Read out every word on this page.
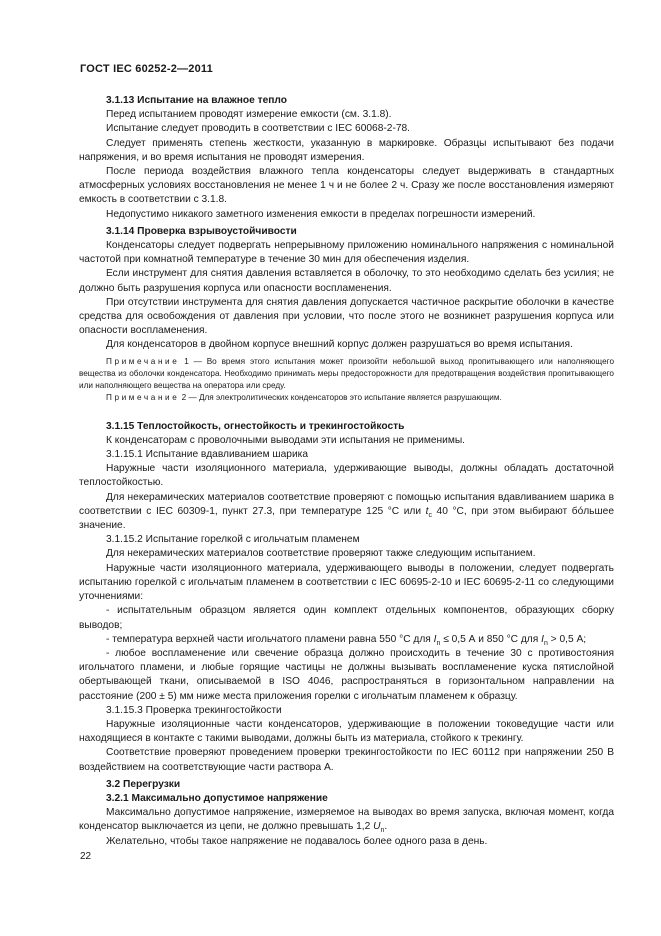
ГОСТ IEC 60252-2—2011

3.1.13 Испытание на влажное тепло

Перед испытанием проводят измерение емкости (см. 3.1.8).

Испытание следует проводить в соответствии с IEC 60068-2-78.

Следует применять степень жесткости, указанную в маркировке. Образцы испытывают без подачи напряжения, и во время испытания не проводят измерения.

После периода воздействия влажного тепла конденсаторы следует выдерживать в стандартных атмосферных условиях восстановления не менее 1 ч и не более 2 ч. Сразу же после восстановления измеряют емкость в соответствии с 3.1.8.

Недопустимо никакого заметного изменения емкости в пределах погрешности измерений.

3.1.14 Проверка взрывоустойчивости

Конденсаторы следует подвергать непрерывному приложению номинального напряжения с номинальной частотой при комнатной температуре в течение 30 мин для обеспечения изделия.

Если инструмент для снятия давления вставляется в оболочку, то это необходимо сделать без усилия; не должно быть разрушения корпуса или опасности воспламенения.

При отсутствии инструмента для снятия давления допускается частичное раскрытие оболочки в качестве средства для освобождения от давления при условии, что после этого не возникнет разрушения корпуса или опасности воспламенения.

Для конденсаторов в двойном корпусе внешний корпус должен разрушаться во время испытания.

Примечание 1 — Во время этого испытания может произойти небольшой выход пропитывающего или наполняющего вещества из оболочки конденсатора. Необходимо принимать меры предосторожности для предотвращения воздействия пропитывающего или наполняющего вещества на оператора или среду.

Примечание 2 — Для электролитических конденсаторов это испытание является разрушающим.

3.1.15 Теплостойкость, огнестойкость и трекингостойкость

К конденсаторам с проволочными выводами эти испытания не применимы.

3.1.15.1 Испытание вдавливанием шарика

Наружные части изоляционного материала, удерживающие выводы, должны обладать достаточной теплостойкостью.

Для некерамических материалов соответствие проверяют с помощью испытания вдавливанием шарика в соответствии с IEC 60309-1, пункт 27.3, при температуре 125 °С или $t_c$ 40 °С, при этом выбирают бóльшее значение.

3.1.15.2 Испытание горелкой с игольчатым пламенем

Для некерамических материалов соответствие проверяют также следующим испытанием.

Наружные части изоляционного материала, удерживающего выводы в положении, следует подвергать испытанию горелкой с игольчатым пламенем в соответствии с IEC 60695-2-10 и IEC 60695-2-11 со следующими уточнениями:

- испытательным образцом является один комплект отдельных компонентов, образующих сборку выводов;

- температура верхней части игольчатого пламени равна 550 °С для $I_n \le 0,5$ А и 850 °С для $I_n > 0,5$ А;

- любое воспламенение или свечение образца должно происходить в течение 30 с противостояния игольчатого пламени, и любые горящие частицы не должны вызывать воспламенение куска пятислойной обертывающей ткани, описываемой в ISO 4046, распространяться в горизонтальном направлении на расстояние (200 ± 5) мм ниже места приложения горелки с игольчатым пламенем к образцу.

3.1.15.3 Проверка трекингостойкости

Наружные изоляционные части конденсаторов, удерживающие в положении токоведущие части или находящиеся в контакте с такими выводами, должны быть из материала, стойкого к трекингу.

Соответствие проверяют проведением проверки трекингостойкости по IEC 60112 при напряжении 250 В воздействием на соответствующие части раствора А.

3.2 Перегрузки

3.2.1 Максимально допустимое напряжение

Максимально допустимое напряжение, измеряемое на выводах во время запуска, включая момент, когда конденсатор выключается из цепи, не должно превышать 1,2 $U_n$.

Желательно, чтобы такое напряжение не подавалось более одного раза в день.

22
